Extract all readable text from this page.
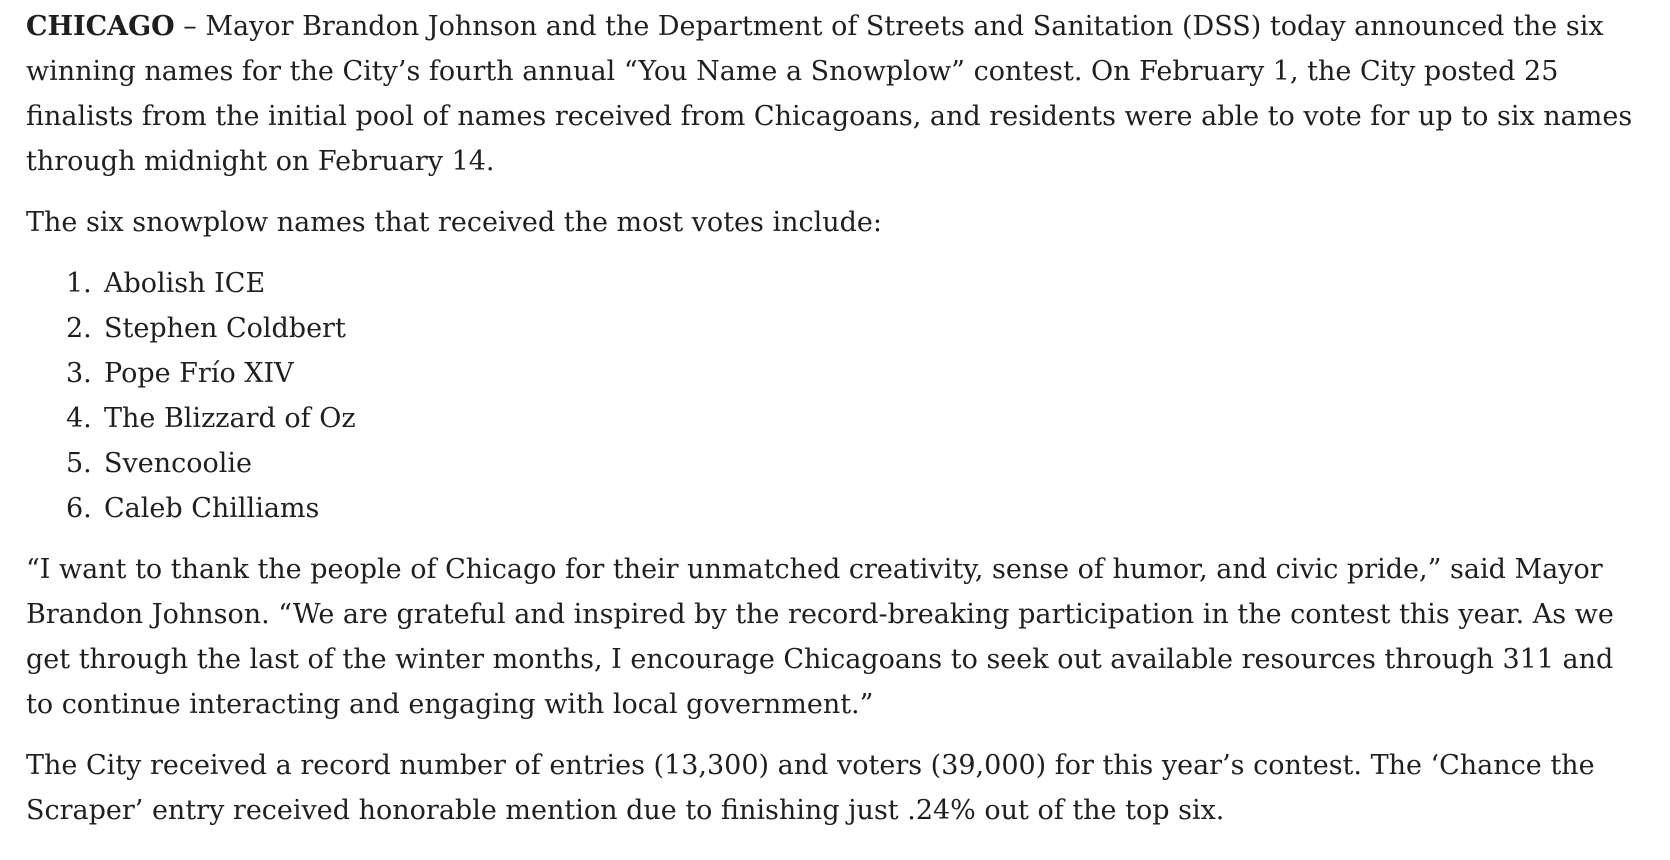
CHICAGO – Mayor Brandon Johnson and the Department of Streets and Sanitation (DSS) today announced the six winning names for the City’s fourth annual “You Name a Snowplow” contest. On February 1, the City posted 25 finalists from the initial pool of names received from Chicagoans, and residents were able to vote for up to six names through midnight on February 14.

The six snowplow names that received the most votes include:

1. Abolish ICE
2. Stephen Coldbert
3. Pope Frío XIV
4. The Blizzard of Oz
5. Svencoolie
6. Caleb Chilliams

“I want to thank the people of Chicago for their unmatched creativity, sense of humor, and civic pride,” said Mayor Brandon Johnson. “We are grateful and inspired by the record-breaking participation in the contest this year. As we get through the last of the winter months, I encourage Chicagoans to seek out available resources through 311 and to continue interacting and engaging with local government.”

The City received a record number of entries (13,300) and voters (39,000) for this year’s contest. The ‘Chance the Scraper’ entry received honorable mention due to finishing just .24% out of the top six.
